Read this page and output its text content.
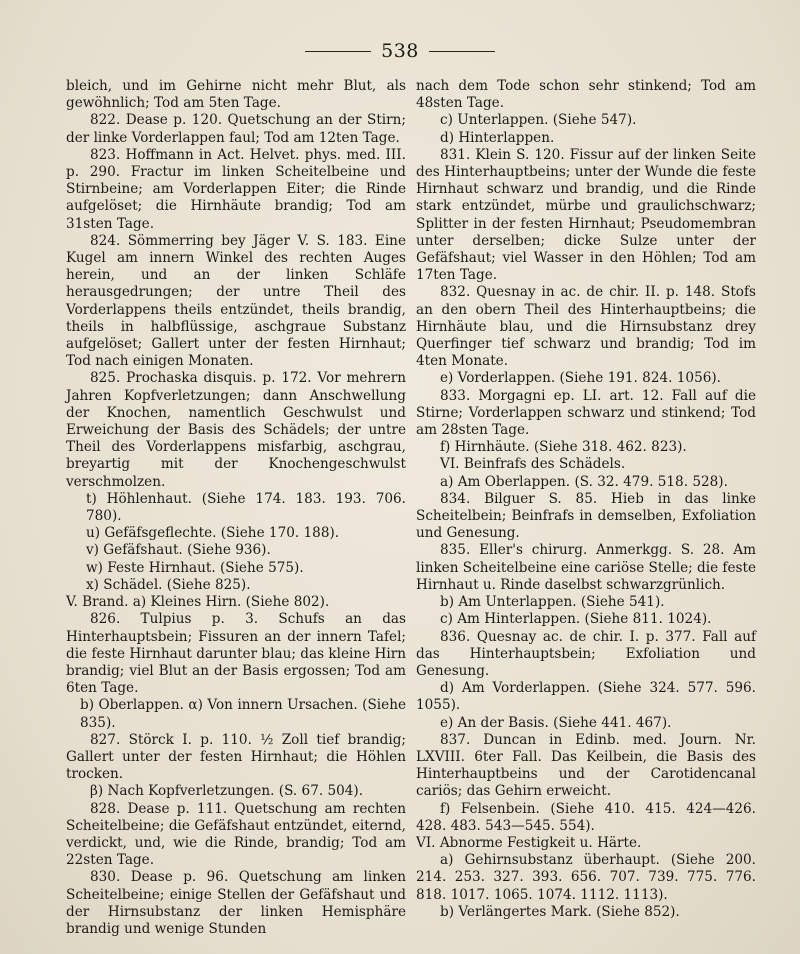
538

bleich, und im Gehirne nicht mehr Blut, als gewöhnlich; Tod am 5ten Tage.

822. Dease p. 120. Quetschung an der Stirn; der linke Vorderlappen faul; Tod am 12ten Tage.

823. Hoffmann in Act. Helvet. phys. med. III. p. 290. Fractur im linken Scheitelbeine und Stirnbeine; am Vorderlappen Eiter; die Rinde aufgelöset; die Hirnhäute brandig; Tod am 31sten Tage.

824. Sömmerring bey Jäger V. S. 183. Eine Kugel am innern Winkel des rechten Auges herein, und an der linken Schläfe herausgedrungen; der untre Theil des Vorderlappens theils entzündet, theils brandig, theils in halbflüssige, aschgraue Substanz aufgelöset; Gallert unter der festen Hirnhaut; Tod nach einigen Monaten.

825. Prochaska disquis. p. 172. Vor mehrern Jahren Kopfverletzungen; dann Anschwellung der Knochen, namentlich Geschwulst und Erweichung der Basis des Schädels; der untre Theil des Vorderlappens misfarbig, aschgrau, breyartig mit der Knochengeschwulst verschmolzen.

t) Höhlenhaut. (Siehe 174. 183. 193. 706. 780).

u) Gefäfsgeflechte. (Siehe 170. 188).

v) Gefäfshaut. (Siehe 936).

w) Feste Hirnhaut. (Siehe 575).

x) Schädel. (Siehe 825).

V. Brand. a) Kleines Hirn. (Siehe 802).

826. Tulpius p. 3. Schufs an das Hinterhauptsbein; Fissuren an der innern Tafel; die feste Hirnhaut darunter blau; das kleine Hirn brandig; viel Blut an der Basis ergossen; Tod am 6ten Tage.

b) Oberlappen. α) Von innern Ursachen. (Siehe 835).

827. Störck I. p. 110. ½ Zoll tief brandig; Gallert unter der festen Hirnhaut; die Höhlen trocken.

β) Nach Kopfverletzungen. (S. 67. 504).

828. Dease p. 111. Quetschung am rechten Scheitelbeine; die Gefäfshaut entzündet, eiternd, verdickt, und, wie die Rinde, brandig; Tod am 22sten Tage.

830. Dease p. 96. Quetschung am linken Scheitelbeine; einige Stellen der Gefäfshaut und der Hirnsubstanz der linken Hemisphäre brandig und wenige Stunden

nach dem Tode schon sehr stinkend; Tod am 48sten Tage.

c) Unterlappen. (Siehe 547).

d) Hinterlappen.

831. Klein S. 120. Fissur auf der linken Seite des Hinterhauptbeins; unter der Wunde die feste Hirnhaut schwarz und brandig, und die Rinde stark entzündet, mürbe und graulichschwarz; Splitter in der festen Hirnhaut; Pseudomembran unter derselben; dicke Sulze unter der Gefäfshaut; viel Wasser in den Höhlen; Tod am 17ten Tage.

832. Quesnay in ac. de chir. II. p. 148. Stofs an den obern Theil des Hinterhauptbeins; die Hirnhäute blau, und die Hirnsubstanz drey Querfinger tief schwarz und brandig; Tod im 4ten Monate.

e) Vorderlappen. (Siehe 191. 824. 1056).

833. Morgagni ep. LI. art. 12. Fall auf die Stirne; Vorderlappen schwarz und stinkend; Tod am 28sten Tage.

f) Hirnhäute. (Siehe 318. 462. 823).

VI. Beinfrafs des Schädels.

a) Am Oberlappen. (S. 32. 479. 518. 528).

834. Bilguer S. 85. Hieb in das linke Scheitelbein; Beinfrafs in demselben, Exfoliation und Genesung.

835. Eller's chirurg. Anmerkgg. S. 28. Am linken Scheitelbeine eine cariöse Stelle; die feste Hirnhaut u. Rinde daselbst schwarzgrünlich.

b) Am Unterlappen. (Siehe 541).

c) Am Hinterlappen. (Siehe 811. 1024).

836. Quesnay ac. de chir. I. p. 377. Fall auf das Hinterhauptsbein; Exfoliation und Genesung.

d) Am Vorderlappen. (Siehe 324. 577. 596. 1055).

e) An der Basis. (Siehe 441. 467).

837. Duncan in Edinb. med. Journ. Nr. LXVIII. 6ter Fall. Das Keilbein, die Basis des Hinterhauptbeins und der Carotidencanal cariös; das Gehirn erweicht.

f) Felsenbein. (Siehe 410. 415. 424—426. 428. 483. 543—545. 554).

VI. Abnorme Festigkeit u. Härte.

a) Gehirnsubstanz überhaupt. (Siehe 200. 214. 253. 327. 393. 656. 707. 739. 775. 776. 818. 1017. 1065. 1074. 1112. 1113).

b) Verlängertes Mark. (Siehe 852).
